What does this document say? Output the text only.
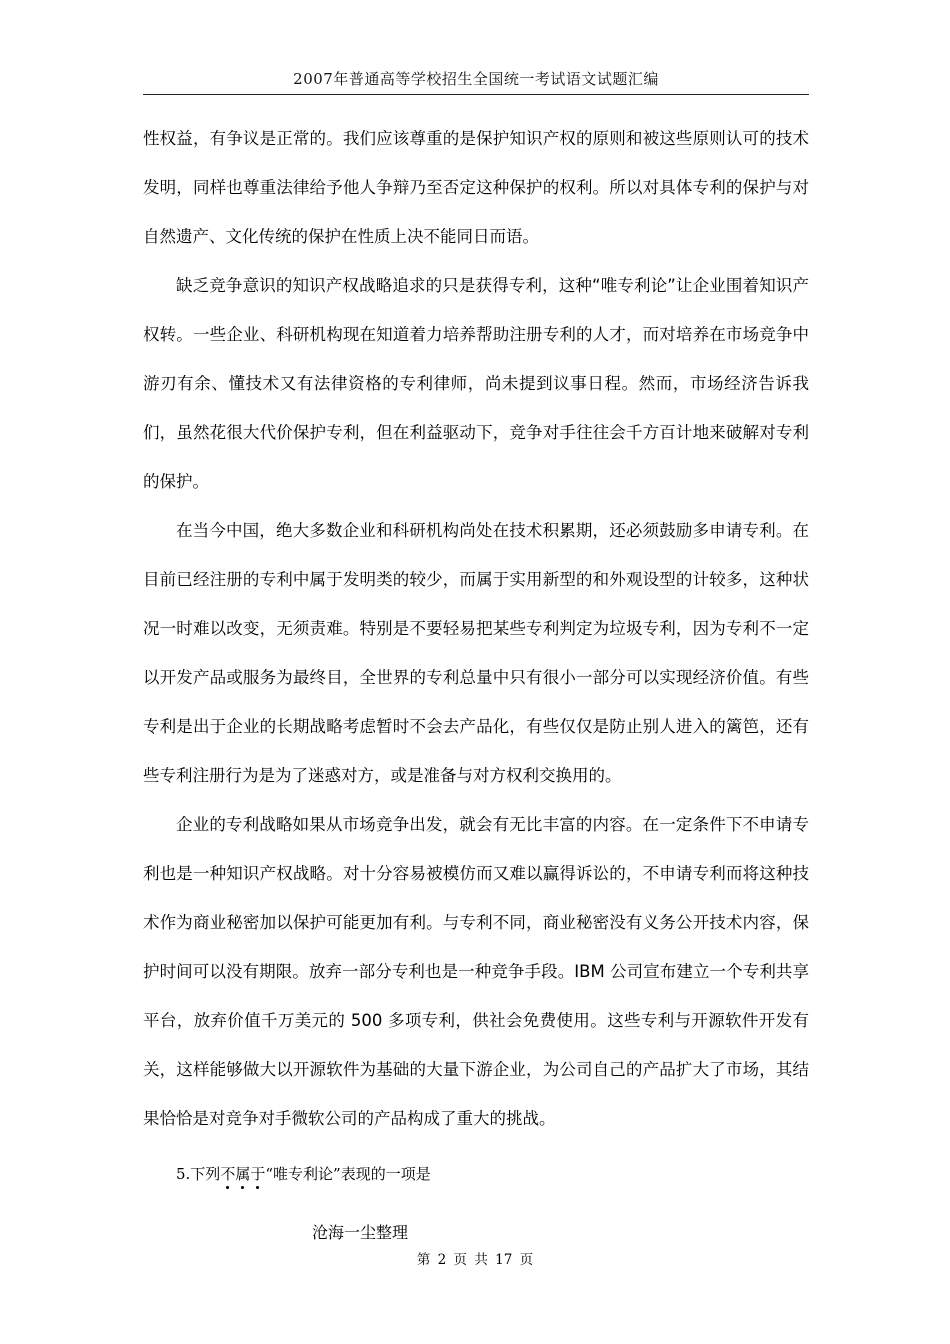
2007年普通高等学校招生全国统一考试语文试题汇编

性权益，有争议是正常的。我们应该尊重的是保护知识产权的原则和被这些原则认可的技术发明，同样也尊重法律给予他人争辩乃至否定这种保护的权利。所以对具体专利的保护与对自然遗产、文化传统的保护在性质上决不能同日而语。

缺乏竞争意识的知识产权战略追求的只是获得专利，这种“唯专利论”让企业围着知识产权转。一些企业、科研机构现在知道着力培养帮助注册专利的人才，而对培养在市场竞争中游刃有余、懂技术又有法律资格的专利律师，尚未提到议事日程。然而，市场经济告诉我们，虽然花很大代价保护专利，但在利益驱动下，竞争对手往往会千方百计地来破解对专利的保护。

在当今中国，绝大多数企业和科研机构尚处在技术积累期，还必须鼓励多申请专利。在目前已经注册的专利中属于发明类的较少，而属于实用新型的和外观设型的计较多，这种状况一时难以改变，无须责难。特别是不要轻易把某些专利判定为垃圾专利，因为专利不一定以开发产品或服务为最终目，全世界的专利总量中只有很小一部分可以实现经济价值。有些专利是出于企业的长期战略考虑暂时不会去产品化，有些仅仅是防止别人进入的篱笆，还有些专利注册行为是为了迷惑对方，或是准备与对方权利交换用的。

企业的专利战略如果从市场竞争出发，就会有无比丰富的内容。在一定条件下不申请专利也是一种知识产权战略。对十分容易被模仿而又难以赢得诉讼的，不申请专利而将这种技术作为商业秘密加以保护可能更加有利。与专利不同，商业秘密没有义务公开技术内容，保护时间可以没有期限。放弃一部分专利也是一种竞争手段。IBM 公司宣布建立一个专利共享平台，放弃价值千万美元的 500 多项专利，供社会免费使用。这些专利与开源软件开发有关，这样能够做大以开源软件为基础的大量下游企业，为公司自己的产品扩大了市场，其结果恰恰是对竞争对手微软公司的产品构成了重大的挑战。

5.下列不属于“唯专利论”表现的一项是
沧海一尘整理
第 2 页 共 17 页
